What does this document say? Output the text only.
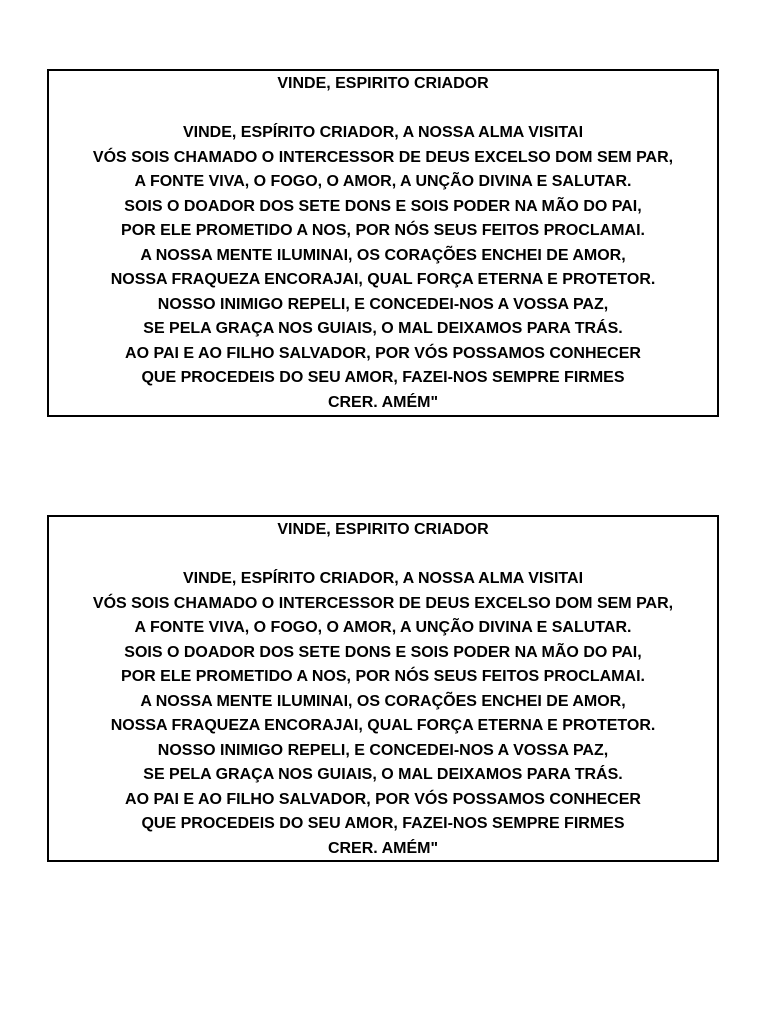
VINDE, ESPIRITO CRIADOR
VINDE, ESPÍRITO CRIADOR, A NOSSA ALMA VISITAI
VÓS SOIS CHAMADO O INTERCESSOR DE DEUS EXCELSO DOM SEM PAR,
A FONTE VIVA, O FOGO, O AMOR, A UNÇÃO DIVINA E SALUTAR.
SOIS O DOADOR DOS SETE DONS E SOIS PODER NA MÃO DO PAI,
POR ELE PROMETIDO A NOS, POR NÓS SEUS FEITOS PROCLAMAI.
A NOSSA MENTE ILUMINAI, OS CORAÇÕES ENCHEI DE AMOR,
NOSSA FRAQUEZA ENCORAJAI, QUAL FORÇA ETERNA E PROTETOR.
NOSSO INIMIGO REPELI, E CONCEDEI-NOS A VOSSA PAZ,
SE PELA GRAÇA NOS GUIAIS, O MAL DEIXAMOS PARA TRÁS.
AO PAI E AO FILHO SALVADOR, POR VÓS POSSAMOS CONHECER
QUE PROCEDEIS DO SEU AMOR, FAZEI-NOS SEMPRE FIRMES
CRER. AMÉM"
VINDE, ESPIRITO CRIADOR
VINDE, ESPÍRITO CRIADOR, A NOSSA ALMA VISITAI
VÓS SOIS CHAMADO O INTERCESSOR DE DEUS EXCELSO DOM SEM PAR,
A FONTE VIVA, O FOGO, O AMOR, A UNÇÃO DIVINA E SALUTAR.
SOIS O DOADOR DOS SETE DONS E SOIS PODER NA MÃO DO PAI,
POR ELE PROMETIDO A NOS, POR NÓS SEUS FEITOS PROCLAMAI.
A NOSSA MENTE ILUMINAI, OS CORAÇÕES ENCHEI DE AMOR,
NOSSA FRAQUEZA ENCORAJAI, QUAL FORÇA ETERNA E PROTETOR.
NOSSO INIMIGO REPELI, E CONCEDEI-NOS A VOSSA PAZ,
SE PELA GRAÇA NOS GUIAIS, O MAL DEIXAMOS PARA TRÁS.
AO PAI E AO FILHO SALVADOR, POR VÓS POSSAMOS CONHECER
QUE PROCEDEIS DO SEU AMOR, FAZEI-NOS SEMPRE FIRMES
CRER. AMÉM"
